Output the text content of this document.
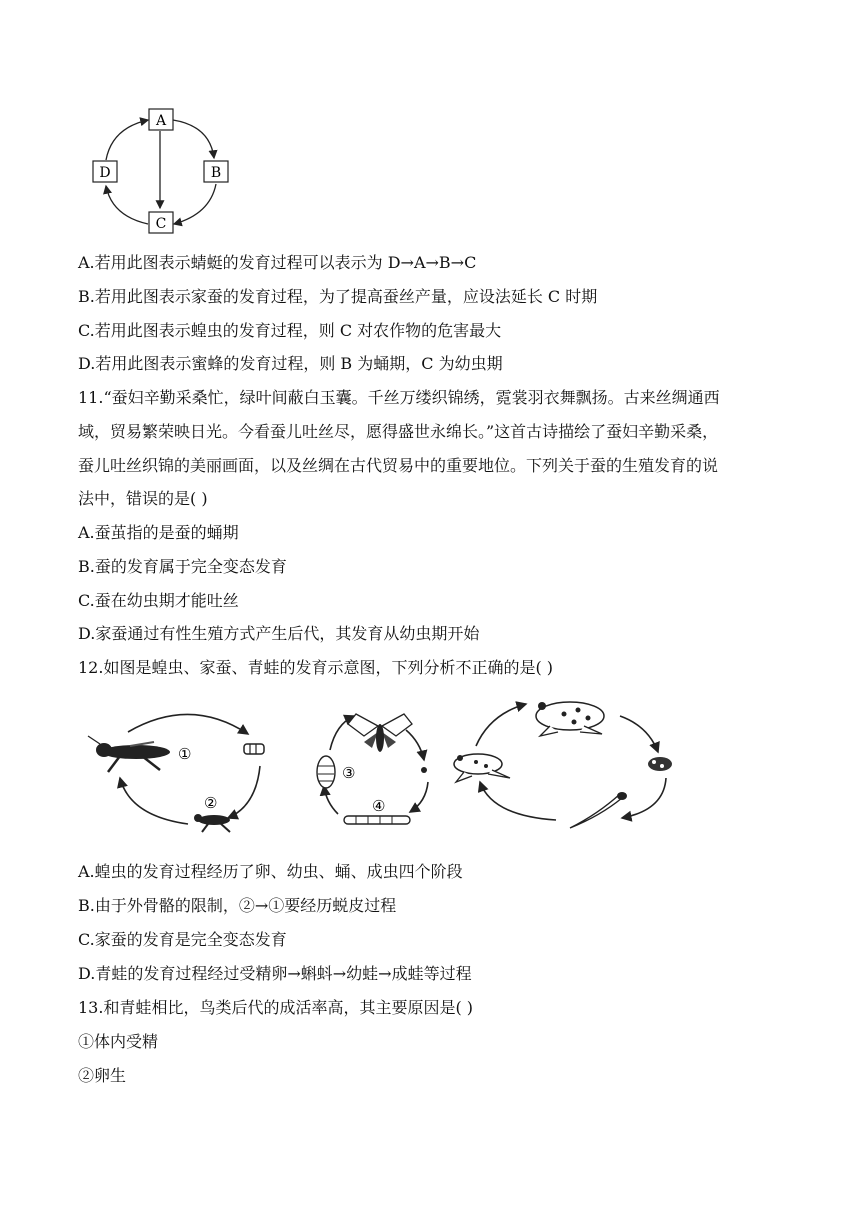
A
B
C
D
A.若用此图表示蜻蜓的发育过程可以表示为 D→A→B→C
B.若用此图表示家蚕的发育过程，为了提高蚕丝产量，应设法延长 C 时期
C.若用此图表示蝗虫的发育过程，则 C 对农作物的危害最大
D.若用此图表示蜜蜂的发育过程，则 B 为蛹期，C 为幼虫期
11.“蚕妇辛勤采桑忙，绿叶间蔽白玉囊。千丝万缕织锦绣，霓裳羽衣舞飘扬。古来丝绸通西
域，贸易繁荣映日光。今看蚕儿吐丝尽，愿得盛世永绵长。”这首古诗描绘了蚕妇辛勤采桑，
蚕儿吐丝织锦的美丽画面，以及丝绸在古代贸易中的重要地位。下列关于蚕的生殖发育的说
法中，错误的是( )
A.蚕茧指的是蚕的蛹期
B.蚕的发育属于完全变态发育
C.蚕在幼虫期才能吐丝
D.家蚕通过有性生殖方式产生后代，其发育从幼虫期开始
12.如图是蝗虫、家蚕、青蛙的发育示意图，下列分析不正确的是( )
①
②
③
④
A.蝗虫的发育过程经历了卵、幼虫、蛹、成虫四个阶段
B.由于外骨骼的限制，②→①要经历蜕皮过程
C.家蚕的发育是完全变态发育
D.青蛙的发育过程经过受精卵→蝌蚪→幼蛙→成蛙等过程
13.和青蛙相比，鸟类后代的成活率高，其主要原因是( )
①体内受精
②卵生
